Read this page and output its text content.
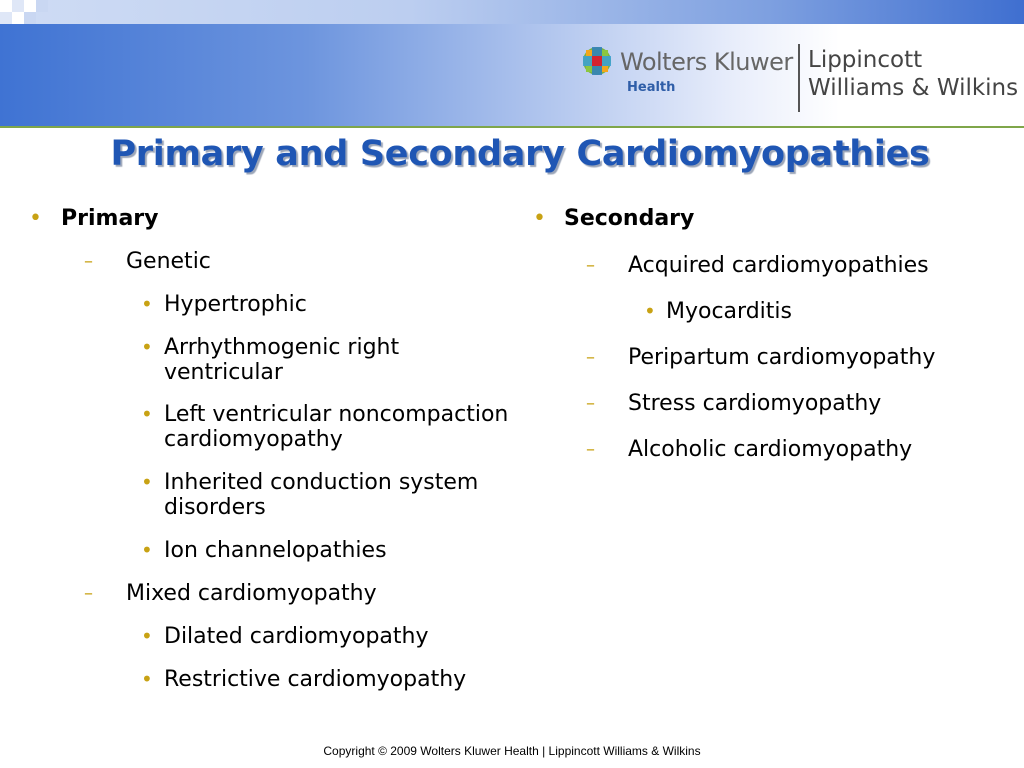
Wolters Kluwer
Health
Lippincott
Williams & Wilkins
Primary and Secondary Cardiomyopathies
• Primary
– Genetic
• Hypertrophic
• Arrhythmogenic right
ventricular
• Left ventricular noncompaction
cardiomyopathy
• Inherited conduction system
disorders
• Ion channelopathies
– Mixed cardiomyopathy
• Dilated cardiomyopathy
• Restrictive cardiomyopathy
• Secondary
– Acquired cardiomyopathies
• Myocarditis
– Peripartum cardiomyopathy
– Stress cardiomyopathy
– Alcoholic cardiomyopathy
Copyright © 2009 Wolters Kluwer Health | Lippincott Williams & Wilkins
